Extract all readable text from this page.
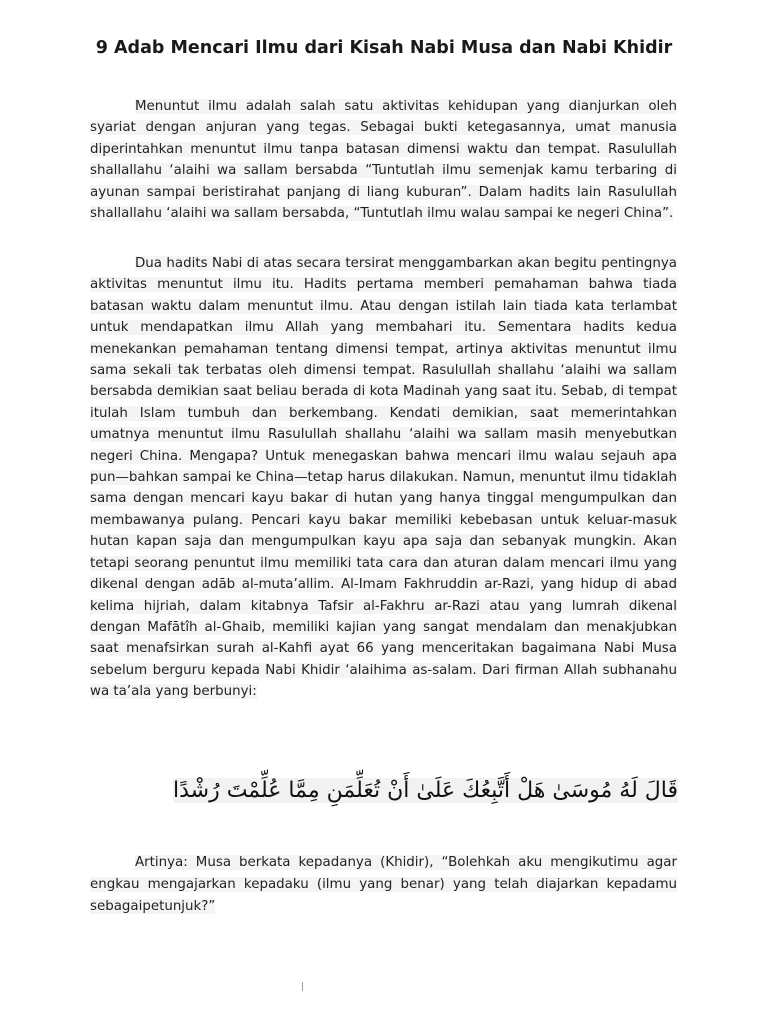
9 Adab Mencari Ilmu dari Kisah Nabi Musa dan Nabi Khidir

Menuntut ilmu adalah salah satu aktivitas kehidupan yang dianjurkan oleh syariat dengan anjuran yang tegas. Sebagai bukti ketegasannya, umat manusia diperintahkan menuntut ilmu tanpa batasan dimensi waktu dan tempat. Rasulullah shallallahu ‘alaihi wa sallam bersabda “Tuntutlah ilmu semenjak kamu terbaring di ayunan sampai beristirahat panjang di liang kuburan”. Dalam hadits lain Rasulullah shallallahu ‘alaihi wa sallam bersabda, “Tuntutlah ilmu walau sampai ke negeri China”.

Dua hadits Nabi di atas secara tersirat menggambarkan akan begitu pentingnya aktivitas menuntut ilmu itu. Hadits pertama memberi pemahaman bahwa tiada batasan waktu dalam menuntut ilmu. Atau dengan istilah lain tiada kata terlambat untuk mendapatkan ilmu Allah yang membahari itu. Sementara hadits kedua menekankan pemahaman tentang dimensi tempat, artinya aktivitas menuntut ilmu sama sekali tak terbatas oleh dimensi tempat. Rasulullah shallahu ‘alaihi wa sallam bersabda demikian saat beliau berada di kota Madinah yang saat itu. Sebab, di tempat itulah Islam tumbuh dan berkembang. Kendati demikian, saat memerintahkan umatnya menuntut ilmu Rasulullah shallahu ‘alaihi wa sallam masih menyebutkan negeri China. Mengapa? Untuk menegaskan bahwa mencari ilmu walau sejauh apa pun—bahkan sampai ke China—tetap harus dilakukan. Namun, menuntut ilmu tidaklah sama dengan mencari kayu bakar di hutan yang hanya tinggal mengumpulkan dan membawanya pulang. Pencari kayu bakar memiliki kebebasan untuk keluar-masuk hutan kapan saja dan mengumpulkan kayu apa saja dan sebanyak mungkin. Akan tetapi seorang penuntut ilmu memiliki tata cara dan aturan dalam mencari ilmu yang dikenal dengan adāb al-muta’allim. Al-Imam Fakhruddin ar-Razi, yang hidup di abad kelima hijriah, dalam kitabnya Tafsir al-Fakhru ar-Razi atau yang lumrah dikenal dengan Mafātîh al-Ghaib, memiliki kajian yang sangat mendalam dan menakjubkan saat menafsirkan surah al-Kahfi ayat 66 yang menceritakan bagaimana Nabi Musa sebelum berguru kepada Nabi Khidir ‘alaihima as-salam. Dari firman Allah subhanahu wa ta’ala yang berbunyi:

قَالَ لَهُ مُوسَىٰ هَلْ أَتَّبِعُكَ عَلَىٰ أَنْ تُعَلِّمَنِ مِمَّا عُلِّمْتَ رُشْدًا

Artinya: Musa berkata kepadanya (Khidir), “Bolehkah aku mengikutimu agar engkau mengajarkan kepadaku (ilmu yang benar) yang telah diajarkan kepadamu sebagaipetunjuk?”
